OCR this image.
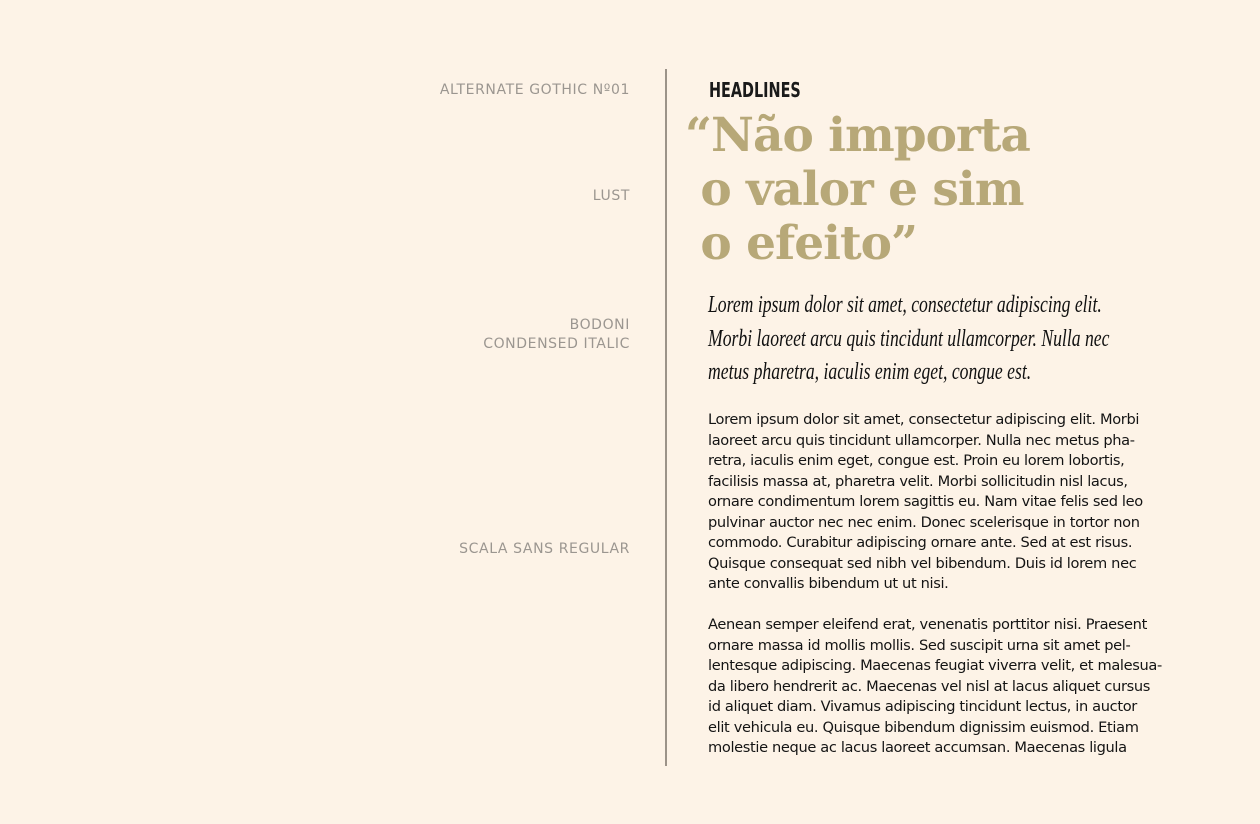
ALTERNATE GOTHIC Nº01
LUST
BODONI
CONDENSED ITALIC
SCALA SANS REGULAR
HEADLINES
“Não importa
o valor e sim
o efeito”
Lorem ipsum dolor sit amet, consectetur adipiscing elit.
Morbi laoreet arcu quis tincidunt ullamcorper. Nulla nec
metus pharetra, iaculis enim eget, congue est.
Lorem ipsum dolor sit amet, consectetur adipiscing elit. Morbi
laoreet arcu quis tincidunt ullamcorper. Nulla nec metus pha-
retra, iaculis enim eget, congue est. Proin eu lorem lobortis,
facilisis massa at, pharetra velit. Morbi sollicitudin nisl lacus,
ornare condimentum lorem sagittis eu. Nam vitae felis sed leo
pulvinar auctor nec nec enim. Donec scelerisque in tortor non
commodo. Curabitur adipiscing ornare ante. Sed at est risus.
Quisque consequat sed nibh vel bibendum. Duis id lorem nec
ante convallis bibendum ut ut nisi.
Aenean semper eleifend erat, venenatis porttitor nisi. Praesent
ornare massa id mollis mollis. Sed suscipit urna sit amet pel-
lentesque adipiscing. Maecenas feugiat viverra velit, et malesua-
da libero hendrerit ac. Maecenas vel nisl at lacus aliquet cursus
id aliquet diam. Vivamus adipiscing tincidunt lectus, in auctor
elit vehicula eu. Quisque bibendum dignissim euismod. Etiam
molestie neque ac lacus laoreet accumsan. Maecenas ligula
